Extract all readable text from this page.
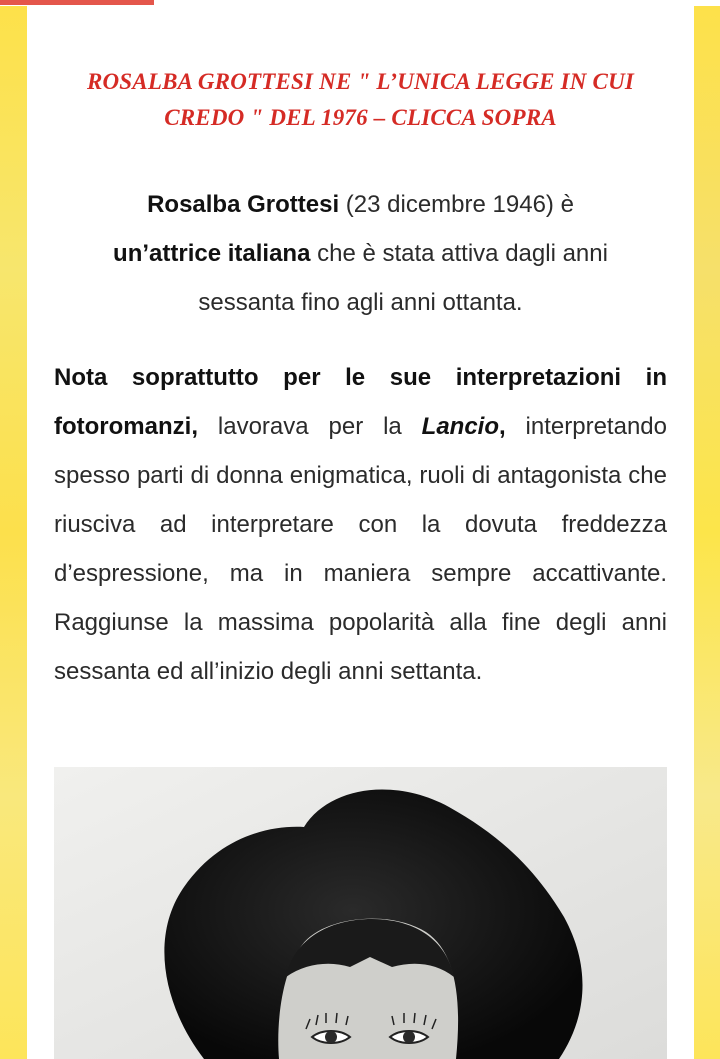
ROSALBA GROTTESI NE " L’UNICA LEGGE IN CUI
CREDO " DEL 1976 – CLICCA SOPRA

Rosalba Grottesi (23 dicembre 1946) è
un’attrice italiana che è stata attiva dagli anni sessanta fino agli anni ottanta.

Nota soprattutto per le sue interpretazioni in fotoromanzi, lavorava per la Lancio, interpretando spesso parti di donna enigmatica, ruoli di antagonista che riusciva ad interpretare con la dovuta freddezza d’espressione, ma in maniera sempre accattivante. Raggiunse la massima popolarità alla fine degli anni sessanta ed all’inizio degli anni settanta.
